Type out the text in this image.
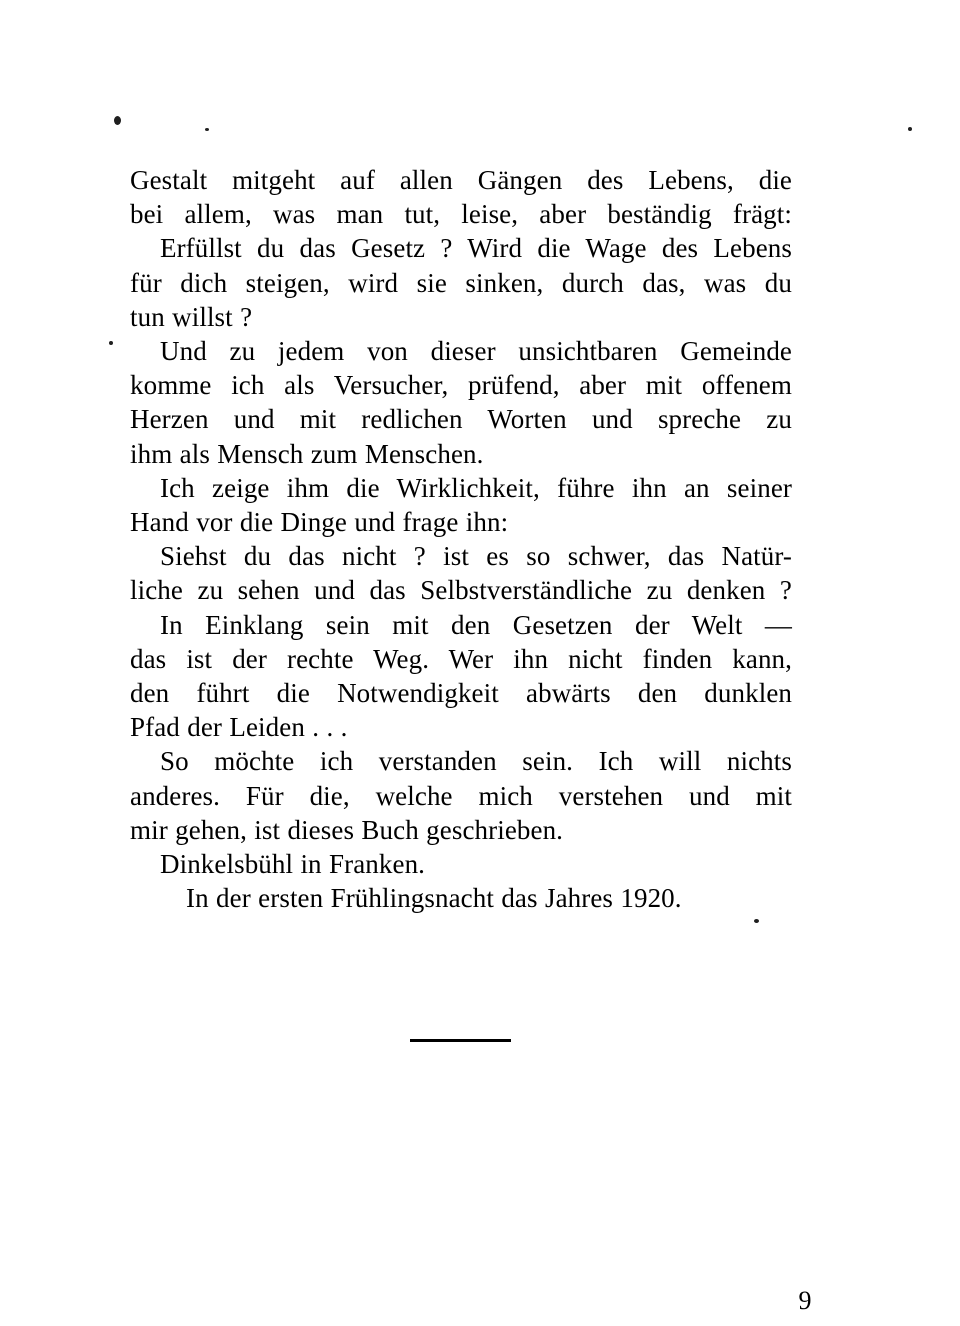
Gestalt mitgeht auf allen Gängen des Lebens, die
bei allem, was man tut, leise, aber beständig frägt:

Erfüllst du das Gesetz ? Wird die Wage des Lebens
für dich steigen, wird sie sinken, durch das, was du
tun willst ?

Und zu jedem von dieser unsichtbaren Gemeinde
komme ich als Versucher, prüfend, aber mit offenem
Herzen und mit redlichen Worten und spreche zu
ihm als Mensch zum Menschen.

Ich zeige ihm die Wirklichkeit, führe ihn an seiner
Hand vor die Dinge und frage ihn:

Siehst du das nicht ? ist es so schwer, das Natür-
liche zu sehen und das Selbstverständliche zu denken ?

In Einklang sein mit den Gesetzen der Welt —
das ist der rechte Weg. Wer ihn nicht finden kann,
den führt die Notwendigkeit abwärts den dunklen
Pfad der Leiden . . .

So möchte ich verstanden sein. Ich will nichts
anderes. Für die, welche mich verstehen und mit
mir gehen, ist dieses Buch geschrieben.

Dinkelsbühl in Franken.

In der ersten Frühlingsnacht das Jahres 1920.

9
